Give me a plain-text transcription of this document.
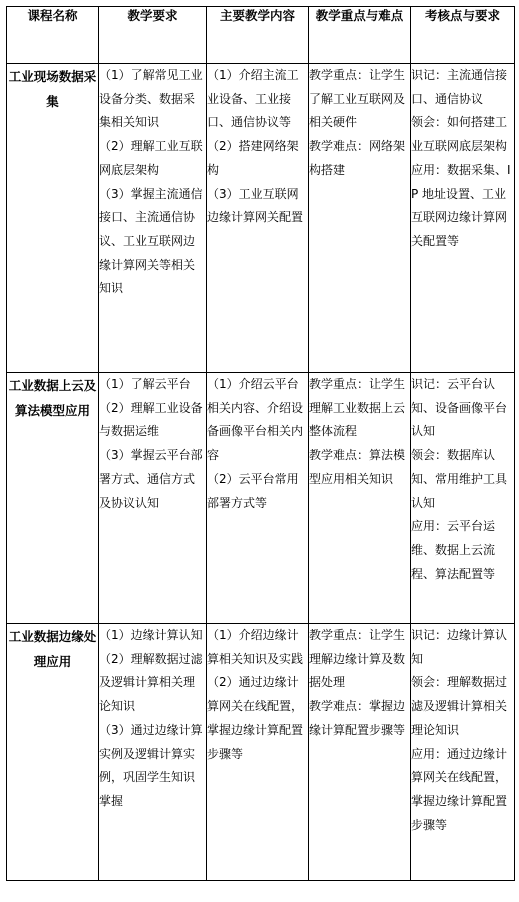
课程名称	教学要求	主要教学内容	教学重点与难点	考核点与要求
工业现场数据采集	（1）了解常见工业设备分类、数据采集相关知识
（2）理解工业互联网底层架构
（3）掌握主流通信接口、主流通信协议、工业互联网边缘计算网关等相关知识	（1）介绍主流工业设备、工业接口、通信协议等
（2）搭建网络架构
（3）工业互联网边缘计算网关配置	教学重点：让学生了解工业互联网及相关硬件
教学难点：网络架构搭建	识记：主流通信接口、通信协议
领会：如何搭建工业互联网底层架构
应用：数据采集、IP 地址设置、工业互联网边缘计算网关配置等

工业数据上云及算法模型应用	（1）了解云平台
（2）理解工业设备与数据运维
（3）掌握云平台部署方式、通信方式及协议认知	（1）介绍云平台相关内容、介绍设备画像平台相关内容
（2）云平台常用部署方式等	教学重点：让学生理解工业数据上云整体流程
教学难点：算法模型应用相关知识	识记：云平台认知、设备画像平台认知
领会：数据库认知、常用维护工具认知
应用：云平台运维、数据上云流程、算法配置等

工业数据边缘处理应用	（1）边缘计算认知
（2）理解数据过滤及逻辑计算相关理论知识
（3）通过边缘计算实例及逻辑计算实例，巩固学生知识掌握	（1）介绍边缘计算相关知识及实践
（2）通过边缘计算网关在线配置，掌握边缘计算配置步骤等	教学重点：让学生理解边缘计算及数据处理
教学难点：掌握边缘计算配置步骤等	识记：边缘计算认知
领会：理解数据过滤及逻辑计算相关理论知识
应用：通过边缘计算网关在线配置，掌握边缘计算配置步骤等
